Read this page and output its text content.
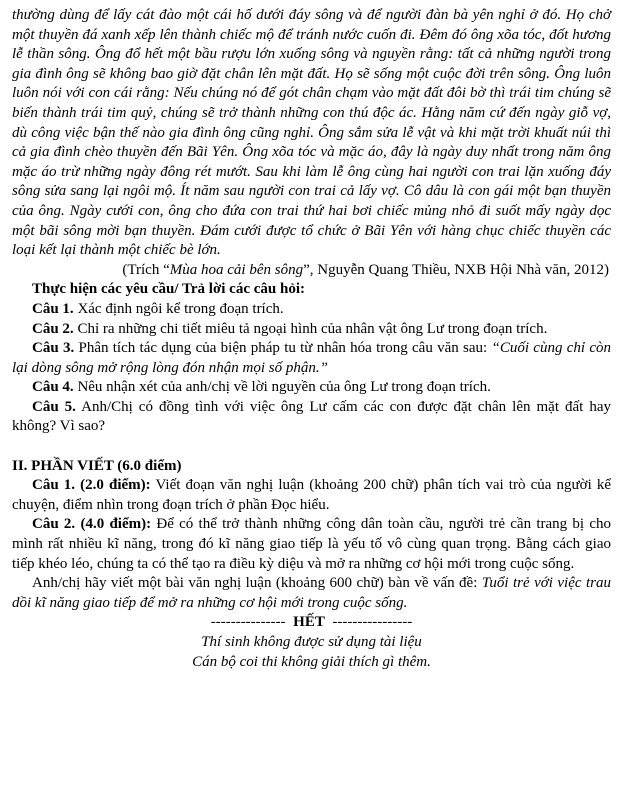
thường dùng để lấy cát đào một cái hố dưới đáy sông và để người đàn bà yên nghỉ ở đó. Họ chở một thuyền đá xanh xếp lên thành chiếc mộ để tránh nước cuốn đi. Đêm đó ông xõa tóc, đốt hương lễ thần sông. Ông đổ hết một bầu rượu lớn xuống sông và nguyền rằng: tất cả những người trong gia đình ông sẽ không bao giờ đặt chân lên mặt đất. Họ sẽ sống một cuộc đời trên sông. Ông luôn luôn nói với con cái rằng: Nếu chúng nó để gót chân chạm vào mặt đất đôi bờ thì trái tim chúng sẽ biến thành trái tim quỷ, chúng sẽ trở thành những con thú độc ác. Hằng năm cứ đến ngày giỗ vợ, dù công việc bận thế nào gia đình ông cũng nghỉ. Ông sắm sửa lễ vật và khi mặt trời khuất núi thì cả gia đình chèo thuyền đến Bãi Yên. Ông xõa tóc và mặc áo, đây là ngày duy nhất trong năm ông mặc áo trừ những ngày đông rét mướt. Sau khi làm lễ ông cùng hai người con trai lặn xuống đáy sông sửa sang lại ngôi mộ. Ít năm sau người con trai cả lấy vợ. Cô dâu là con gái một bạn thuyền của ông. Ngày cưới con, ông cho đứa con trai thứ hai bơi chiếc mủng nhỏ đi suốt mấy ngày dọc một bãi sông mời bạn thuyền. Đám cưới được tổ chức ở Bãi Yên với hàng chục chiếc thuyền các loại kết lại thành một chiếc bè lớn.

(Trích “Mùa hoa cải bên sông”, Nguyễn Quang Thiều, NXB Hội Nhà văn, 2012)

Thực hiện các yêu cầu/ Trả lời các câu hỏi:

Câu 1. Xác định ngôi kể trong đoạn trích.

Câu 2. Chỉ ra những chi tiết miêu tả ngoại hình của nhân vật ông Lư trong đoạn trích.

Câu 3. Phân tích tác dụng của biện pháp tu từ nhân hóa trong câu văn sau: “Cuối cùng chỉ còn lại dòng sông mở rộng lòng đón nhận mọi số phận.”

Câu 4. Nêu nhận xét của anh/chị về lời nguyền của ông Lư trong đoạn trích.

Câu 5. Anh/Chị có đồng tình với việc ông Lư cấm các con được đặt chân lên mặt đất hay không? Vì sao?

II. PHẦN VIẾT (6.0 điểm)

Câu 1. (2.0 điểm): Viết đoạn văn nghị luận (khoảng 200 chữ) phân tích vai trò của người kể chuyện, điểm nhìn trong đoạn trích ở phần Đọc hiểu.

Câu 2. (4.0 điểm): Để có thể trở thành những công dân toàn cầu, người trẻ cần trang bị cho mình rất nhiều kĩ năng, trong đó kĩ năng giao tiếp là yếu tố vô cùng quan trọng. Bằng cách giao tiếp khéo léo, chúng ta có thể tạo ra điều kỳ diệu và mở ra những cơ hội mới trong cuộc sống.

Anh/chị hãy viết một bài văn nghị luận (khoảng 600 chữ) bàn về vấn đề: Tuổi trẻ với việc trau dồi kĩ năng giao tiếp để mở ra những cơ hội mới trong cuộc sống.

--------------- HẾT ----------------

Thí sinh không được sử dụng tài liệu

Cán bộ coi thi không giải thích gì thêm.
